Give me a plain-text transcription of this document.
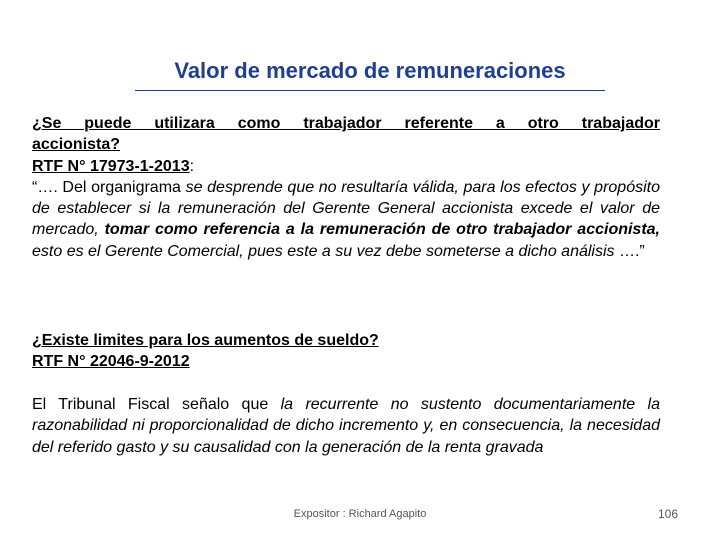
Valor de mercado de remuneraciones
¿Se puede utilizara como trabajador referente a otro trabajador
accionista?
RTF N° 17973-1-2013:
“…. Del organigrama se desprende que no resultaría válida, para los efectos y propósito de establecer si la remuneración del Gerente General accionista excede el valor de mercado, tomar como referencia a la remuneración de otro trabajador accionista, esto es el Gerente Comercial, pues este a su vez debe someterse a dicho análisis ….”
¿Existe limites para los aumentos de sueldo?
RTF N° 22046-9-2012
El Tribunal Fiscal señalo que la recurrente no sustento documentariamente la razonabilidad ni proporcionalidad de dicho incremento y, en consecuencia, la necesidad del referido gasto y su causalidad con la generación de la renta gravada
Expositor : Richard Agapito	106
